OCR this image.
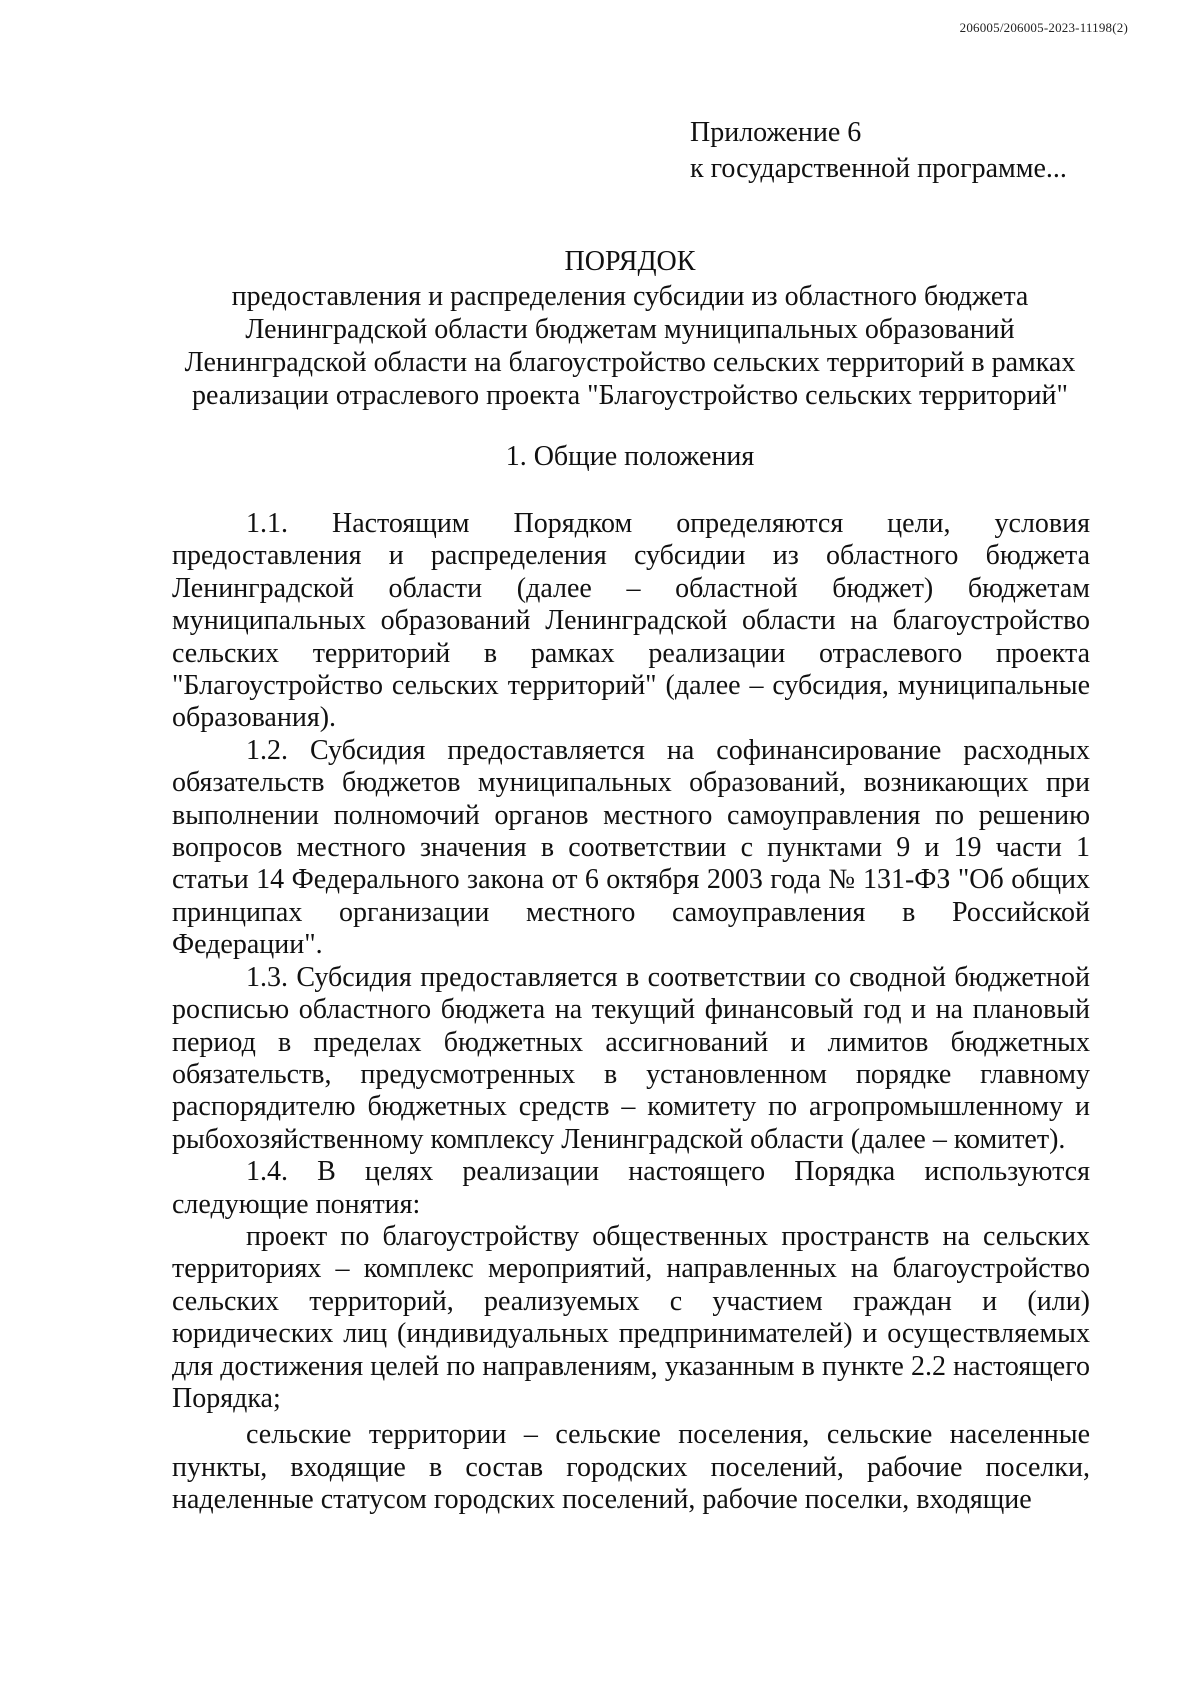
206005/206005-2023-11198(2)
Приложение 6
к государственной программе...
ПОРЯДОК
предоставления и распределения субсидии из областного бюджета
Ленинградской области бюджетам муниципальных образований
Ленинградской области на благоустройство сельских территорий в рамках
реализации отраслевого проекта "Благоустройство сельских территорий"
1. Общие положения

1.1. Настоящим Порядком определяются цели, условия предоставления и распределения субсидии из областного бюджета Ленинградской области (далее – областной бюджет) бюджетам муниципальных образований Ленинградской области на благоустройство сельских территорий в рамках реализации отраслевого проекта "Благоустройство сельских территорий" (далее – субсидия, муниципальные образования).

1.2. Субсидия предоставляется на софинансирование расходных обязательств бюджетов муниципальных образований, возникающих при выполнении полномочий органов местного самоуправления по решению вопросов местного значения в соответствии с пунктами 9 и 19 части 1 статьи 14 Федерального закона от 6 октября 2003 года № 131-ФЗ "Об общих принципах организации местного самоуправления в Российской Федерации".

1.3. Субсидия предоставляется в соответствии со сводной бюджетной росписью областного бюджета на текущий финансовый год и на плановый период в пределах бюджетных ассигнований и лимитов бюджетных обязательств, предусмотренных в установленном порядке главному распорядителю бюджетных средств – комитету по агропромышленному и рыбохозяйственному комплексу Ленинградской области (далее – комитет).

1.4. В целях реализации настоящего Порядка используются следующие понятия:

проект по благоустройству общественных пространств на сельских территориях – комплекс мероприятий, направленных на благоустройство сельских территорий, реализуемых с участием граждан и (или) юридических лиц (индивидуальных предпринимателей) и осуществляемых для достижения целей по направлениям, указанным в пункте 2.2 настоящего Порядка;

сельские территории – сельские поселения, сельские населенные пункты, входящие в состав городских поселений, рабочие поселки, наделенные статусом городских поселений, рабочие поселки, входящие
